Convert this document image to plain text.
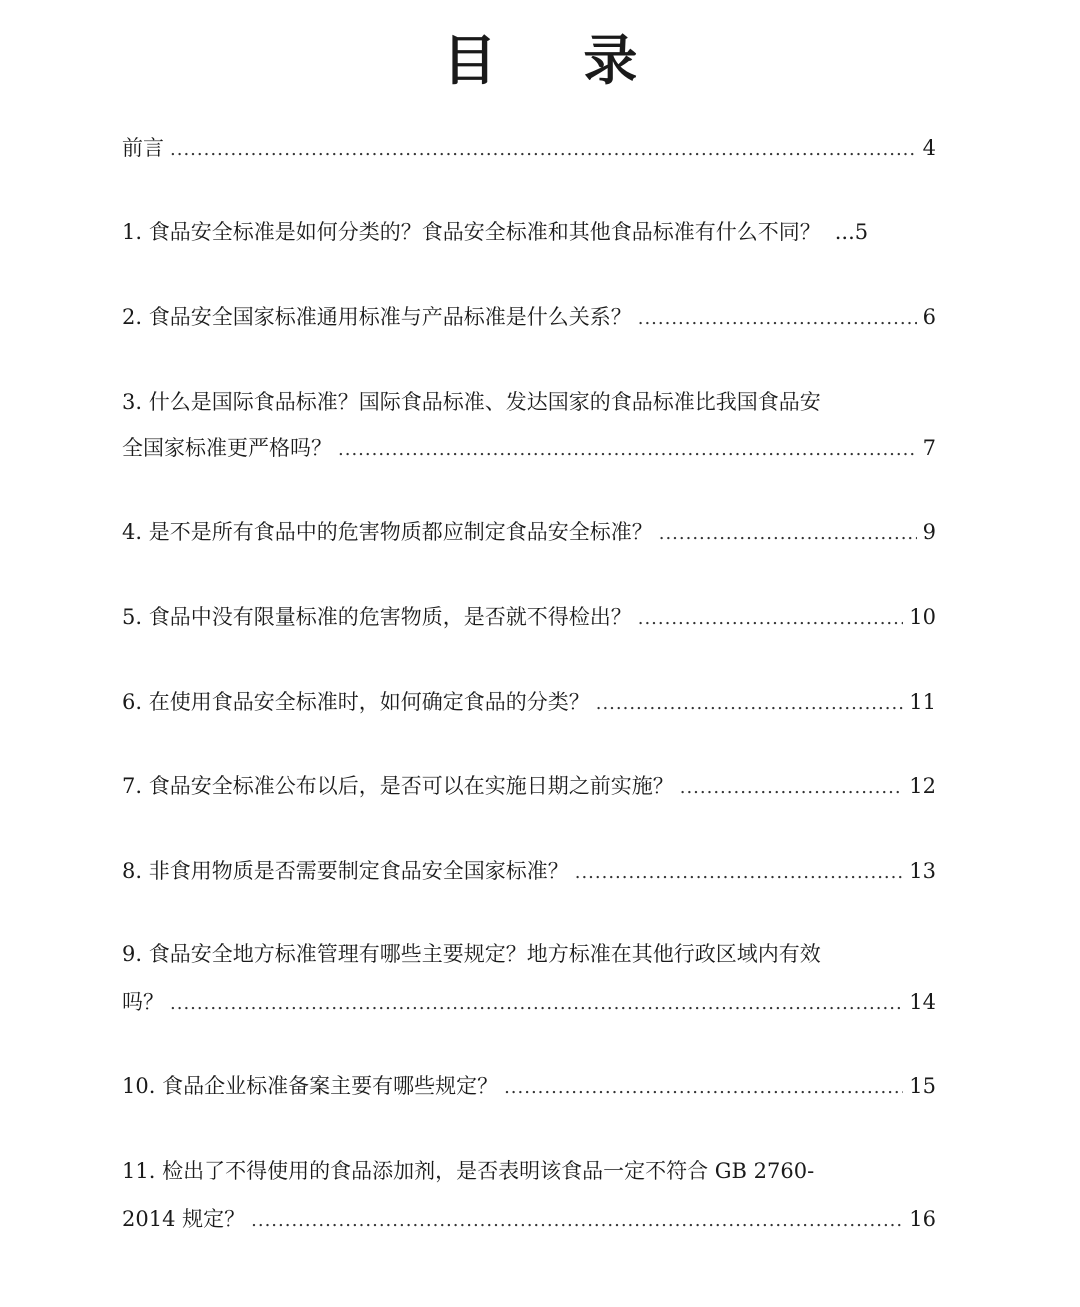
目 录
前言 .....	4
1. 食品安全标准是如何分类的？食品安全标准和其他食品标准有什么不同？ ...5
2. 食品安全国家标准通用标准与产品标准是什么关系？ .....	6
3. 什么是国际食品标准？国际食品标准、发达国家的食品标准比我国食品安
全国家标准更严格吗？ .....	7
4. 是不是所有食品中的危害物质都应制定食品安全标准？ .....	9
5. 食品中没有限量标准的危害物质，是否就不得检出？ .....	10
6. 在使用食品安全标准时，如何确定食品的分类？ .....	11
7. 食品安全标准公布以后，是否可以在实施日期之前实施？ .....	12
8. 非食用物质是否需要制定食品安全国家标准？ .....	13
9. 食品安全地方标准管理有哪些主要规定？地方标准在其他行政区域内有效
吗？ .....	14
10. 食品企业标准备案主要有哪些规定？ .....	15
11. 检出了不得使用的食品添加剂，是否表明该食品一定不符合 GB 2760-
2014 规定？ .....	16
